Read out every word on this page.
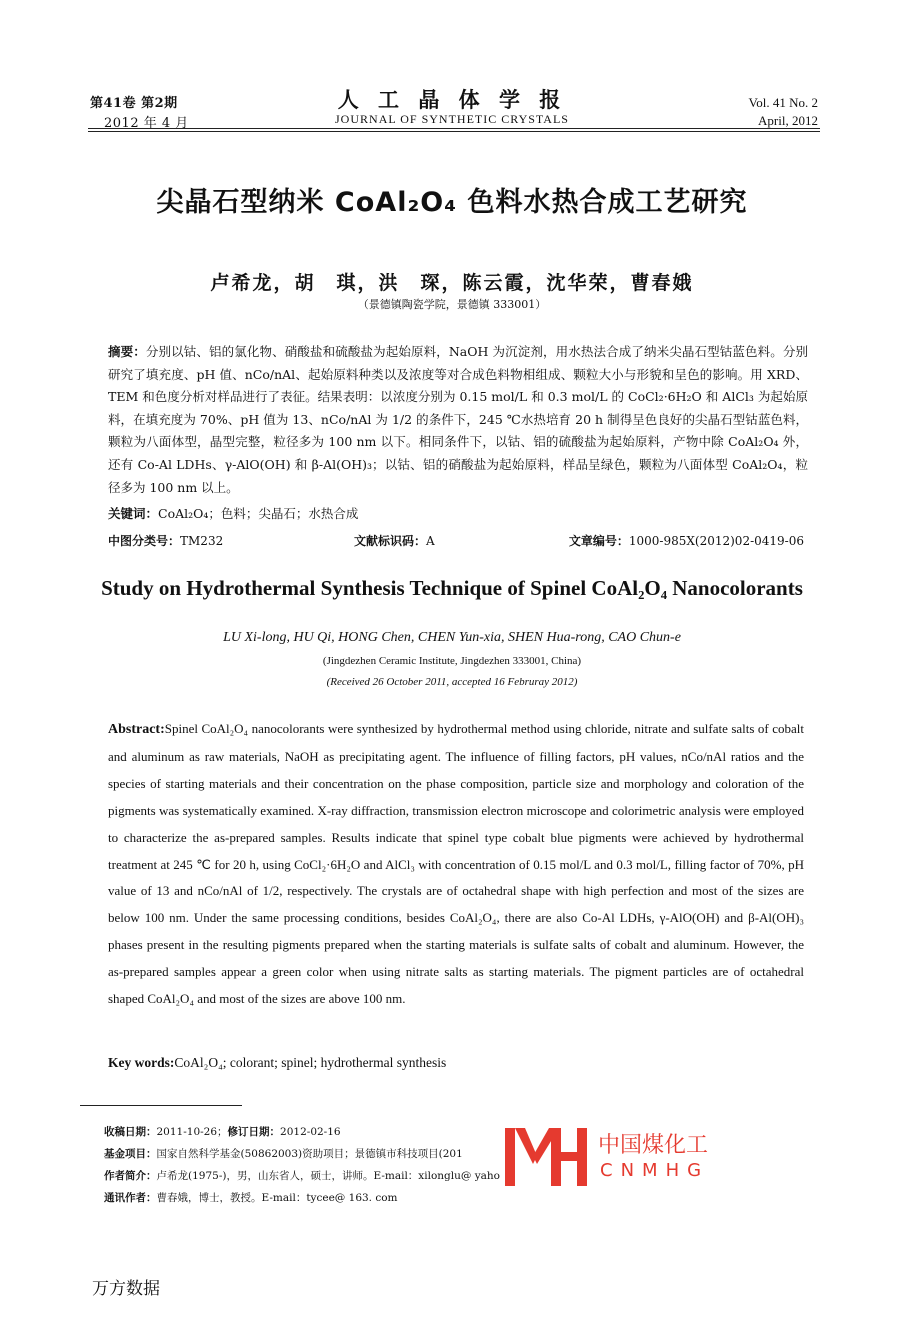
第41卷 第2期
2012 年 4 月
人 工 晶 体 学 报
JOURNAL OF SYNTHETIC CRYSTALS
Vol. 41 No. 2
April, 2012
尖晶石型纳米 CoAl₂O₄ 色料水热合成工艺研究
卢希龙，胡　琪，洪　琛，陈云霞，沈华荣，曹春娥
（景德镇陶瓷学院，景德镇 333001）
摘要：分别以钴、铝的氯化物、硝酸盐和硫酸盐为起始原料，NaOH 为沉淀剂，用水热法合成了纳米尖晶石型钴蓝色料。分别研究了填充度、pH 值、nCo/nAl、起始原料种类以及浓度等对合成色料物相组成、颗粒大小与形貌和呈色的影响。用 XRD、TEM 和色度分析对样品进行了表征。结果表明：以浓度分别为 0.15 mol/L 和 0.3 mol/L 的 CoCl₂·6H₂O 和 AlCl₃ 为起始原料，在填充度为 70%、pH 值为 13、nCo/nAl 为 1/2 的条件下，245 ℃水热培育 20 h 制得呈色良好的尖晶石型钴蓝色料，颗粒为八面体型，晶型完整，粒径多为 100 nm 以下。相同条件下，以钴、铝的硫酸盐为起始原料，产物中除 CoAl₂O₄ 外，还有 Co-Al LDHs、γ-AlO(OH) 和 β-Al(OH)₃；以钴、铝的硝酸盐为起始原料，样品呈绿色，颗粒为八面体型 CoAl₂O₄，粒径多为 100 nm 以上。
关键词：CoAl₂O₄；色料；尖晶石；水热合成
中图分类号：TM232	文献标识码：A	文章编号：1000-985X(2012)02-0419-06
Study on Hydrothermal Synthesis Technique of Spinel CoAl₂O₄ Nanocolorants
LU Xi-long, HU Qi, HONG Chen, CHEN Yun-xia, SHEN Hua-rong, CAO Chun-e
(Jingdezhen Ceramic Institute, Jingdezhen 333001, China)
(Received 26 October 2011, accepted 16 Februray 2012)
Abstract:Spinel CoAl₂O₄ nanocolorants were synthesized by hydrothermal method using chloride, nitrate and sulfate salts of cobalt and aluminum as raw materials, NaOH as precipitating agent. The influence of filling factors, pH values, nCo/nAl ratios and the species of starting materials and their concentration on the phase composition, particle size and morphology and coloration of the pigments was systematically examined. X-ray diffraction, transmission electron microscope and colorimetric analysis were employed to characterize the as-prepared samples. Results indicate that spinel type cobalt blue pigments were achieved by hydrothermal treatment at 245 ℃ for 20 h, using CoCl₂·6H₂O and AlCl₃ with concentration of 0.15 mol/L and 0.3 mol/L, filling factor of 70%, pH value of 13 and nCo/nAl of 1/2, respectively. The crystals are of octahedral shape with high perfection and most of the sizes are below 100 nm. Under the same processing conditions, besides CoAl₂O₄, there are also Co-Al LDHs, γ-AlO(OH) and β-Al(OH)₃ phases present in the resulting pigments prepared when the starting materials is sulfate salts of cobalt and aluminum. However, the as-prepared samples appear a green color when using nitrate salts as starting materials. The pigment particles are of octahedral shaped CoAl₂O₄ and most of the sizes are above 100 nm.
Key words:CoAl₂O₄; colorant; spinel; hydrothermal synthesis
收稿日期：2011-10-26；修订日期：2012-02-16
基金项目：国家自然科学基金(50862003)资助项目；景德镇市科技项目(201
作者简介：卢希龙(1975-)，男，山东省人，硕士，讲师。E-mail：xilonglu@ yaho
通讯作者：曹春娥，博士，教授。E-mail：tycee@ 163. com
中国煤化工
CNMHG
万方数据
